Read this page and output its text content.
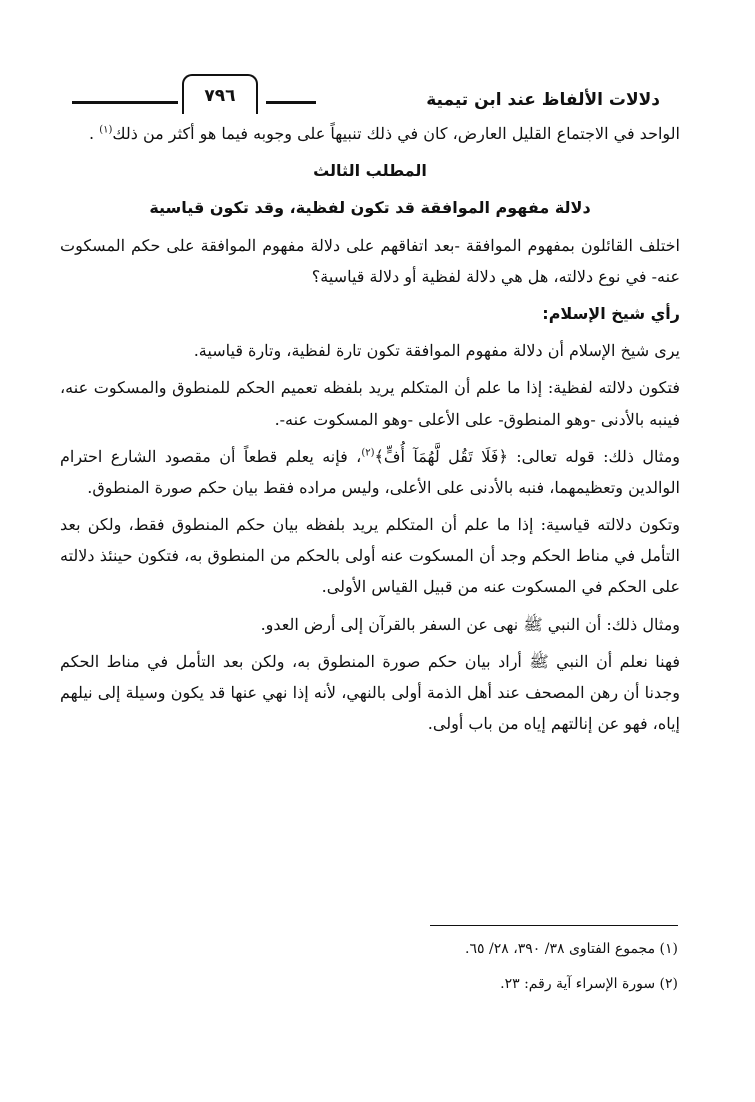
٧٩٦	دلالات الألفاظ عند ابن تيمية

الواحد في الاجتماع القليل العارض، كان في ذلك تنبيهاً على وجوبه فيما هو أكثر من ذلك$^{(١)}$ .

المطلب الثالث

دلالة مفهوم الموافقة قد تكون لفظية، وقد تكون قياسية

اختلف القائلون بمفهوم الموافقة -بعد اتفاقهم على دلالة مفهوم الموافقة على حكم المسكوت عنه- في نوع دلالته، هل هي دلالة لفظية أو دلالة قياسية؟

رأي شيخ الإسلام:

يرى شيخ الإسلام أن دلالة مفهوم الموافقة تكون تارة لفظية، وتارة قياسية.

فتكون دلالته لفظية: إذا ما علم أن المتكلم يريد بلفظه تعميم الحكم للمنطوق والمسكوت عنه، فينبه بالأدنى -وهو المنطوق- على الأعلى -وهو المسكوت عنه-.

ومثال ذلك: قوله تعالى: ﴿فَلَا تَقُل لَّهُمَآ أُفٍّ﴾$^{(٢)}$، فإنه يعلم قطعاً أن مقصود الشارع احترام الوالدين وتعظيمهما، فنبه بالأدنى على الأعلى، وليس مراده فقط بيان حكم صورة المنطوق.

وتكون دلالته قياسية: إذا ما علم أن المتكلم يريد بلفظه بيان حكم المنطوق فقط، ولكن بعد التأمل في مناط الحكم وجد أن المسكوت عنه أولى بالحكم من المنطوق به، فتكون حينئذ دلالته على الحكم في المسكوت عنه من قبيل القياس الأولى.

ومثال ذلك: أن النبي ﷺ نهى عن السفر بالقرآن إلى أرض العدو.

فهنا نعلم أن النبي ﷺ أراد بيان حكم صورة المنطوق به، ولكن بعد التأمل في مناط الحكم وجدنا أن رهن المصحف عند أهل الذمة أولى بالنهي، لأنه إذا نهي عنها قد يكون وسيلة إلى نيلهم إياه، فهو عن إنالتهم إياه من باب أولى.

(١) مجموع الفتاوى ٣٨/ ٣٩٠، ٢٨/ ٦٥.

(٢) سورة الإسراء آية رقم: ٢٣.
